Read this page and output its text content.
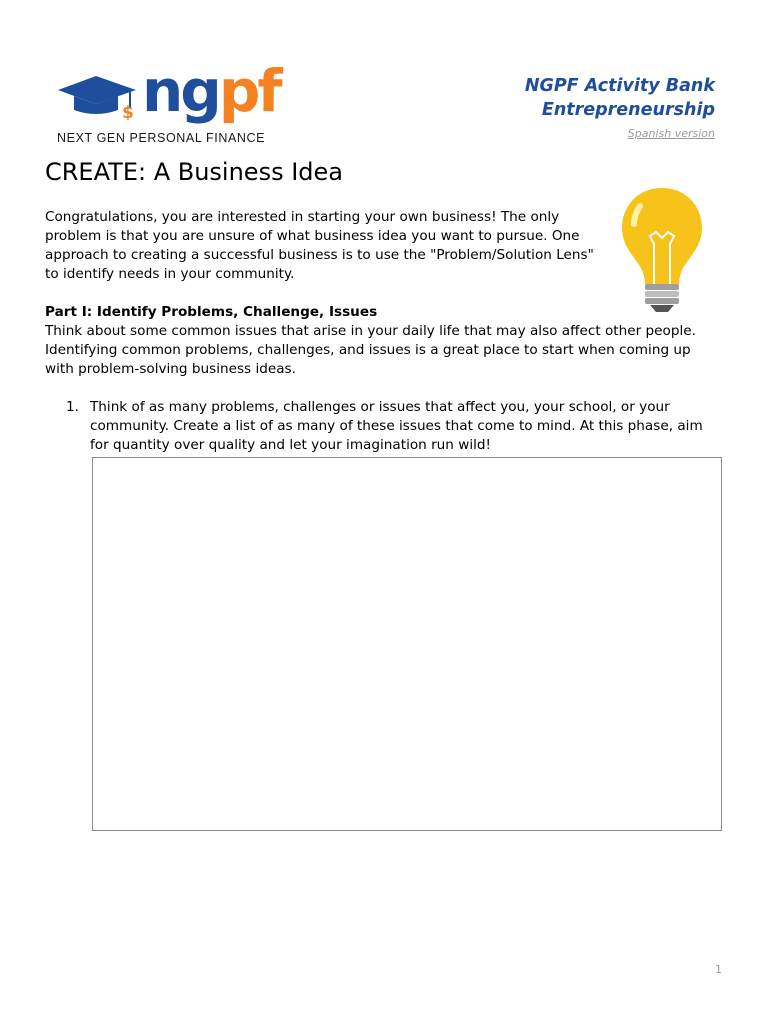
$ ngpf
NEXT GEN PERSONAL FINANCE
NGPF Activity Bank
Entrepreneurship
Spanish version
CREATE: A Business Idea

Congratulations, you are interested in starting your own business! The only problem is that you are unsure of what business idea you want to pursue. One approach to creating a successful business is to use the "Problem/Solution Lens" to identify needs in your community.

Part I: Identify Problems, Challenge, Issues
Think about some common issues that arise in your daily life that may also affect other people. Identifying common problems, challenges, and issues is a great place to start when coming up with problem-solving business ideas.
1. Think of as many problems, challenges or issues that affect you, your school, or your community. Create a list of as many of these issues that come to mind. At this phase, aim for quantity over quality and let your imagination run wild!
1
